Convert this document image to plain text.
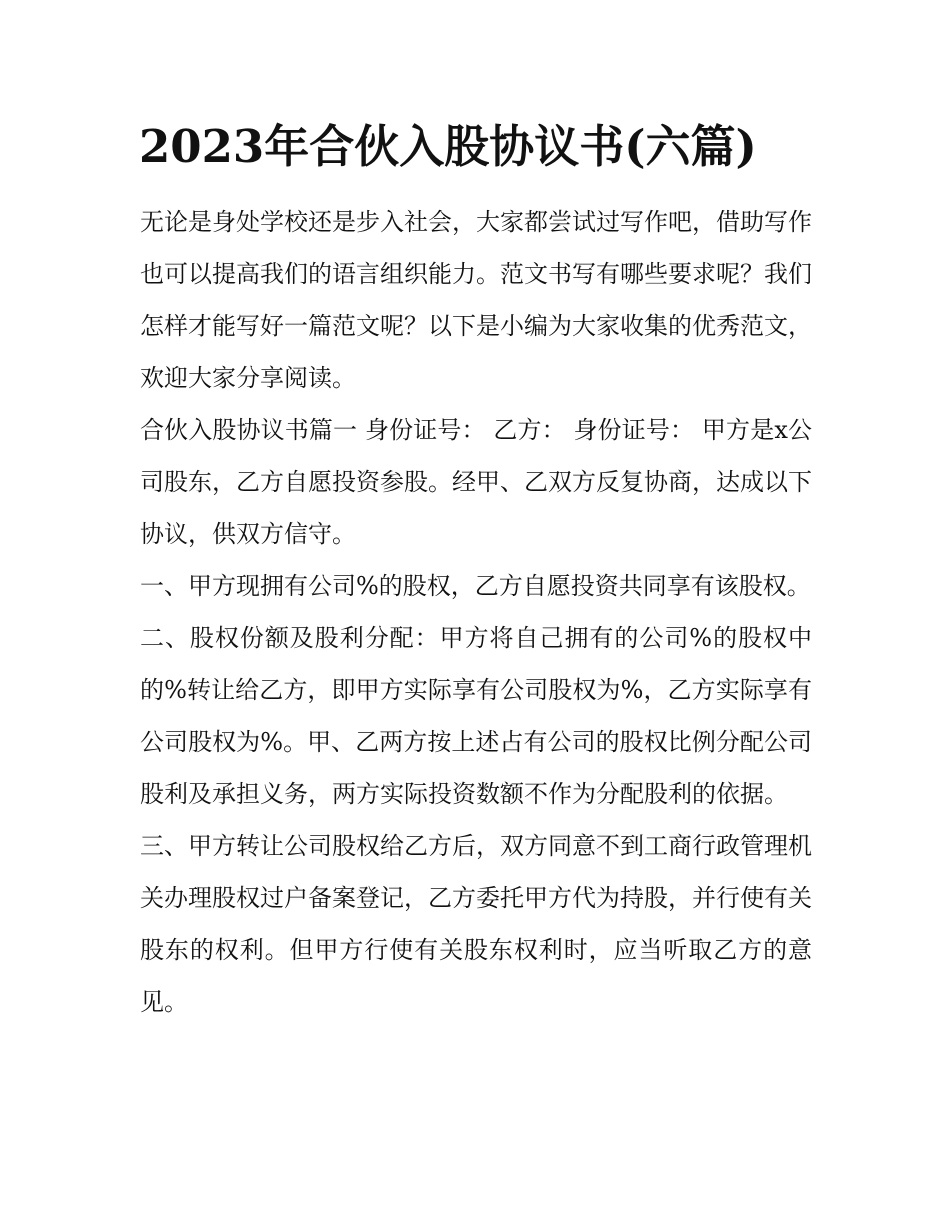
2023年合伙入股协议书(六篇)

无论是身处学校还是步入社会，大家都尝试过写作吧，借助写作也可以提高我们的语言组织能力。范文书写有哪些要求呢？我们怎样才能写好一篇范文呢？以下是小编为大家收集的优秀范文，欢迎大家分享阅读。

合伙入股协议书篇一 身份证号： 乙方： 身份证号： 甲方是x公司股东，乙方自愿投资参股。经甲、乙双方反复协商，达成以下协议，供双方信守。

一、甲方现拥有公司%的股权，乙方自愿投资共同享有该股权。

二、股权份额及股利分配：甲方将自己拥有的公司%的股权中的%转让给乙方，即甲方实际享有公司股权为%，乙方实际享有公司股权为%。甲、乙两方按上述占有公司的股权比例分配公司股利及承担义务，两方实际投资数额不作为分配股利的依据。

三、甲方转让公司股权给乙方后，双方同意不到工商行政管理机关办理股权过户备案登记，乙方委托甲方代为持股，并行使有关股东的权利。但甲方行使有关股东权利时，应当听取乙方的意见。
